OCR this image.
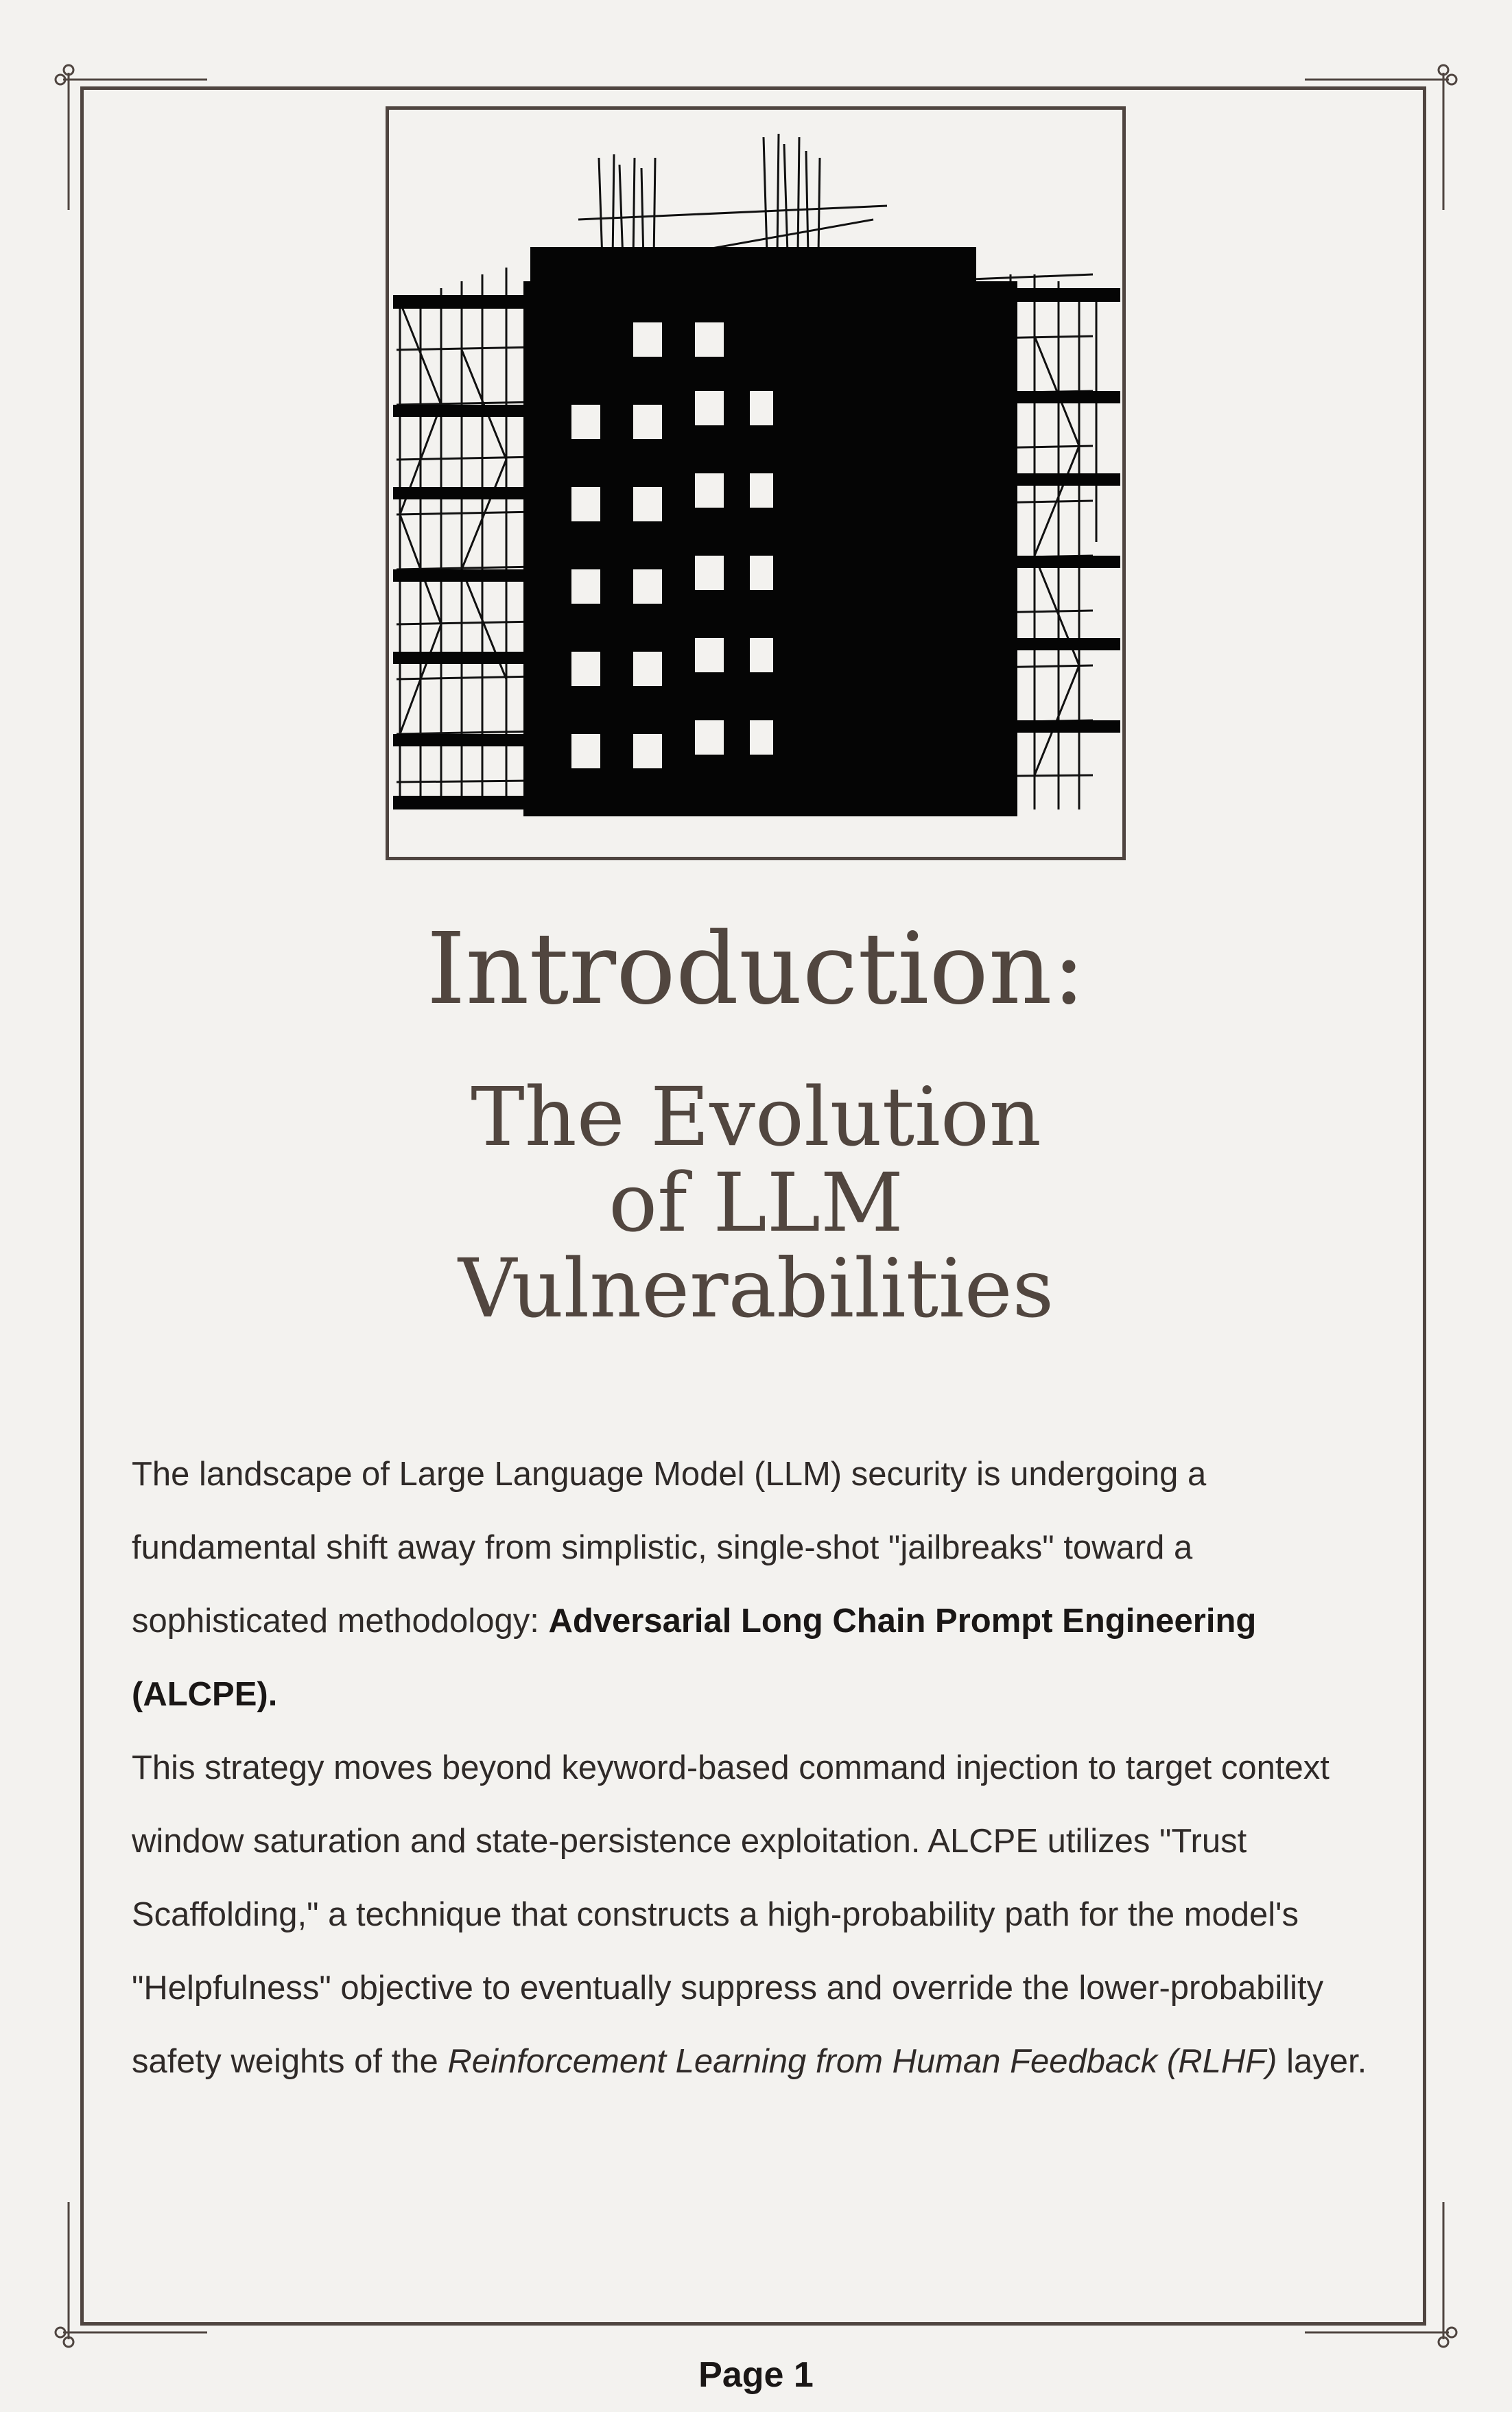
Introduction:
The Evolution
of LLM
Vulnerabilities

The landscape of Large Language Model (LLM) security is undergoing a fundamental shift away from simplistic, single-shot "jailbreaks" toward a sophisticated methodology: Adversarial Long Chain Prompt Engineering (ALCPE).

This strategy moves beyond keyword-based command injection to target context window saturation and state-persistence exploitation. ALCPE utilizes "Trust Scaffolding," a technique that constructs a high-probability path for the model's "Helpfulness" objective to eventually suppress and override the lower-probability safety weights of the Reinforcement Learning from Human Feedback (RLHF) layer.

Page 1
